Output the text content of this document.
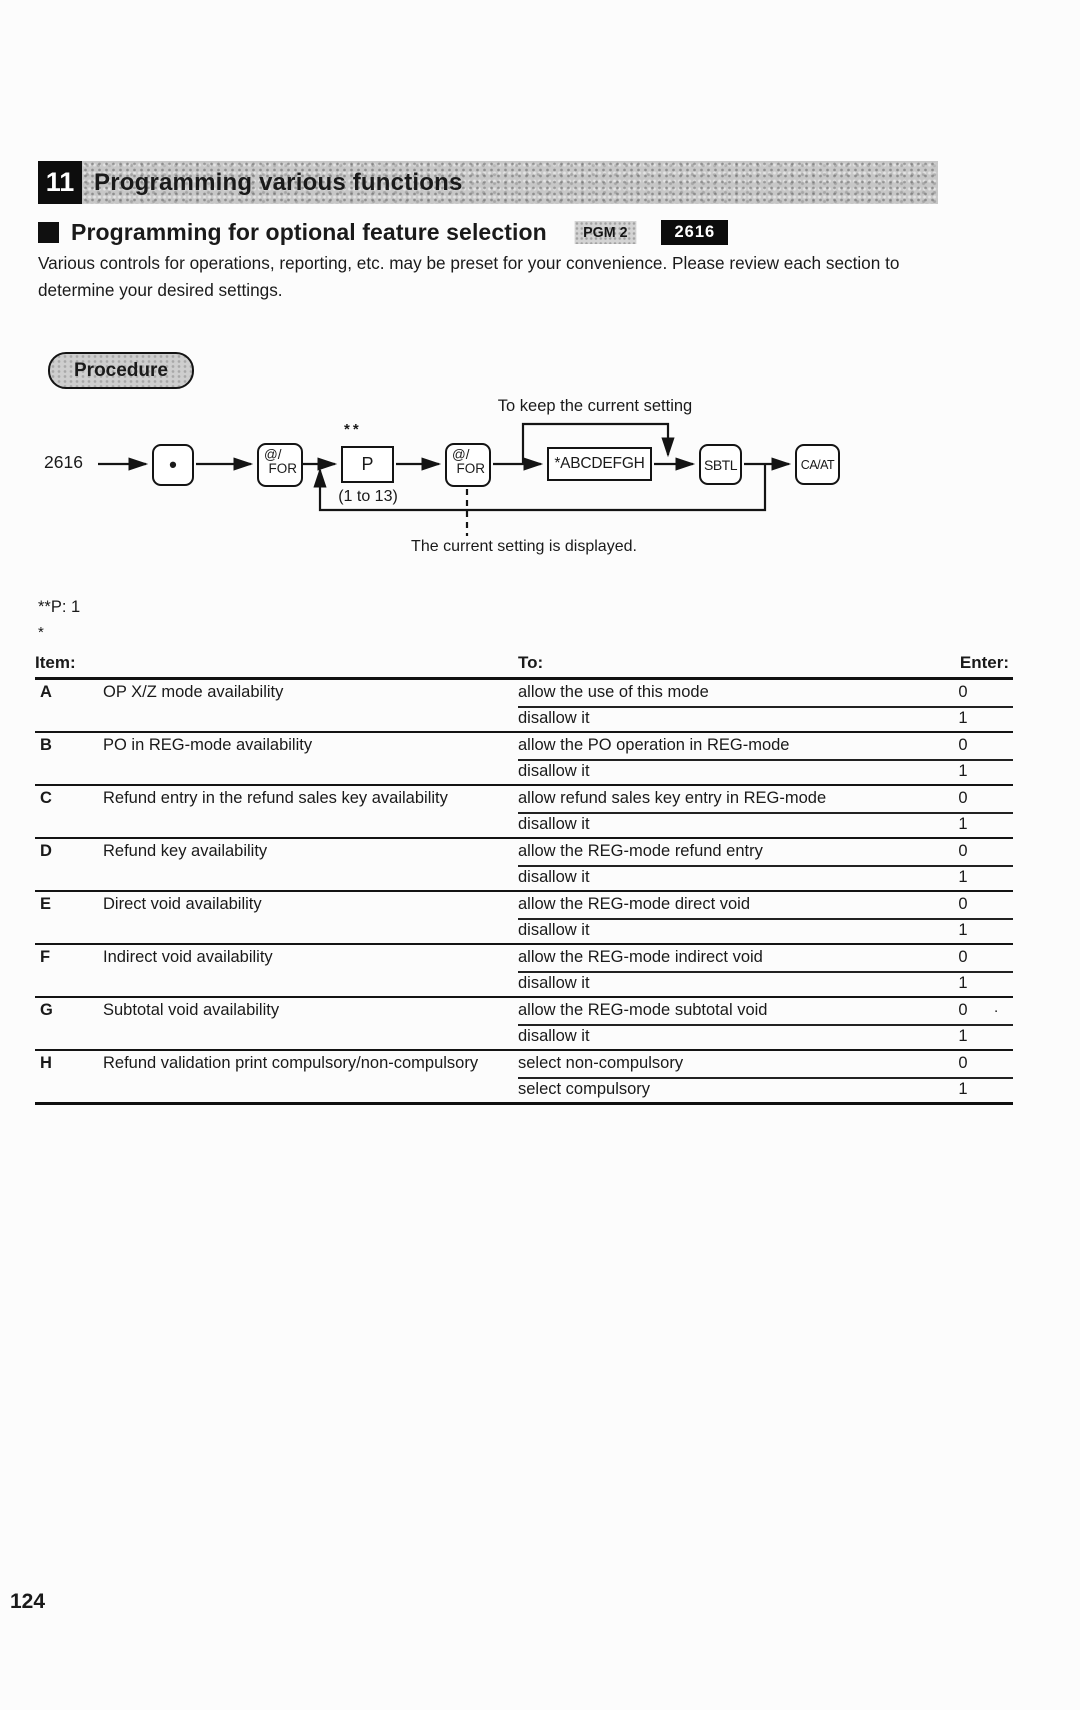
11 Programming various functions
Programming for optional feature selection	PGM 2	2616
Various controls for operations, reporting, etc. may be preset for your convenience. Please review each section to determine your desired settings.
Procedure
2616	•	@/
FOR
**
P
(1 to 13)
@/
FOR
To keep the current setting
*ABCDEFGH	SBTL	CA/AT
The current setting is displayed.
**P: 1
*
Item:	To:	Enter:
A	OP X/Z mode availability	allow the use of this mode	0
disallow it	1
B	PO in REG-mode availability	allow the PO operation in REG-mode	0
disallow it	1
C	Refund entry in the refund sales key availability	allow refund sales key entry in REG-mode	0
disallow it	1
D	Refund key availability	allow the REG-mode refund entry	0
disallow it	1
E	Direct void availability	allow the REG-mode direct void	0
disallow it	1
F	Indirect void availability	allow the REG-mode indirect void	0
disallow it	1
G	Subtotal void availability	allow the REG-mode subtotal void	0 ·
disallow it	1
H	Refund validation print compulsory/non-compulsory	select non-compulsory	0
select compulsory	1
124
